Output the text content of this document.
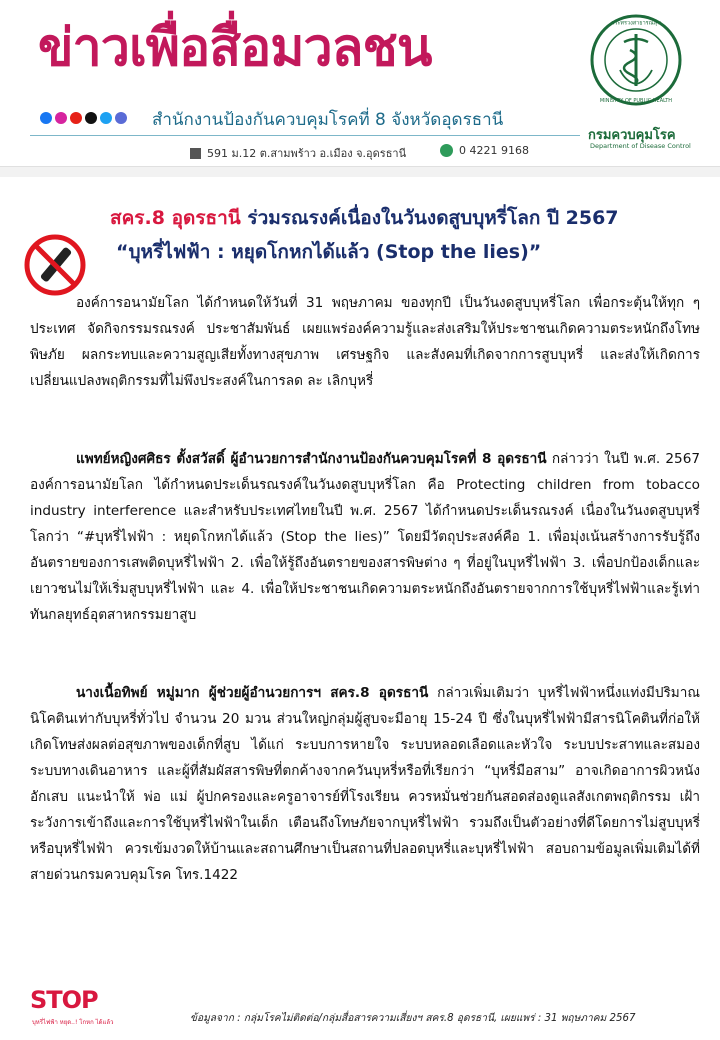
ข่าวเพื่อสื่อมวลชน
สำนักงานป้องกันควบคุมโรคที่ 8 จังหวัดอุดรธานี
591 ม.12 ต.สามพร้าว อ.เมือง จ.อุดรธานี	0 4221 9168
กระทรวงสาธารณสุข
MINISTRY OF PUBLIC HEALTH
กรมควบคุมโรค
Department of Disease Control
สคร.8 อุดรธานี ร่วมรณรงค์เนื่องในวันงดสูบบุหรี่โลก ปี 2567
“บุหรี่ไฟฟ้า : หยุดโกหกได้แล้ว (Stop the lies)”
องค์การอนามัยโลก ได้กำหนดให้วันที่ 31 พฤษภาคม ของทุกปี เป็นวันงดสูบบุหรี่โลก เพื่อกระตุ้นให้ทุก ๆ ประเทศ จัดกิจกรรมรณรงค์ ประชาสัมพันธ์ เผยแพร่องค์ความรู้และส่งเสริมให้ประชาชนเกิดความตระหนักถึงโทษ พิษภัย ผลกระทบและความสูญเสียทั้งทางสุขภาพ เศรษฐกิจ และสังคมที่เกิดจากการสูบบุหรี่ และส่งให้เกิดการเปลี่ยนแปลงพฤติกรรมที่ไม่พึงประสงค์ในการลด ละ เลิกบุหรี่
แพทย์หญิงศศิธร ตั้งสวัสดิ์ ผู้อำนวยการสำนักงานป้องกันควบคุมโรคที่ 8 อุดรธานี กล่าวว่า ในปี พ.ศ. 2567 องค์การอนามัยโลก ได้กำหนดประเด็นรณรงค์ในวันงดสูบบุหรี่โลก คือ Protecting children from tobacco industry interference และสำหรับประเทศไทยในปี พ.ศ. 2567 ได้กำหนดประเด็นรณรงค์ เนื่องในวันงดสูบบุหรี่โลกว่า “#บุหรี่ไฟฟ้า : หยุดโกหกได้แล้ว (Stop the lies)” โดยมีวัตถุประสงค์คือ 1. เพื่อมุ่งเน้นสร้างการรับรู้ถึงอันตรายของการเสพติดบุหรี่ไฟฟ้า 2. เพื่อให้รู้ถึงอันตรายของสารพิษต่าง ๆ ที่อยู่ในบุหรี่ไฟฟ้า 3. เพื่อปกป้องเด็กและเยาวชนไม่ให้เริ่มสูบบุหรี่ไฟฟ้า และ 4. เพื่อให้ประชาชนเกิดความตระหนักถึงอันตรายจากการใช้บุหรี่ไฟฟ้าและรู้เท่าทันกลยุทธ์อุตสาหกรรมยาสูบ
นางเนื้อทิพย์ หมู่มาก ผู้ช่วยผู้อำนวยการฯ สคร.8 อุดรธานี กล่าวเพิ่มเติมว่า บุหรี่ไฟฟ้าหนึ่งแท่งมีปริมาณนิโคตินเท่ากับบุหรี่ทั่วไป จำนวน 20 มวน ส่วนใหญ่กลุ่มผู้สูบจะมีอายุ 15-24 ปี ซึ่งในบุหรี่ไฟฟ้ามีสารนิโคตินที่ก่อให้เกิดโทษส่งผลต่อสุขภาพของเด็กที่สูบ ได้แก่ ระบบการหายใจ ระบบหลอดเลือดและหัวใจ ระบบประสาทและสมอง ระบบทางเดินอาหาร และผู้ที่สัมผัสสารพิษที่ตกค้างจากควันบุหรี่หรือที่เรียกว่า “บุหรี่มือสาม” อาจเกิดอาการผิวหนังอักเสบ แนะนำให้ พ่อ แม่ ผู้ปกครองและครูอาจารย์ที่โรงเรียน ควรหมั่นช่วยกันสอดส่องดูแลสังเกตพฤติกรรม เฝ้าระวังการเข้าถึงและการใช้บุหรี่ไฟฟ้าในเด็ก เตือนถึงโทษภัยจากบุหรี่ไฟฟ้า รวมถึงเป็นตัวอย่างที่ดีโดยการไม่สูบบุหรี่หรือบุหรี่ไฟฟ้า ควรเข้มงวดให้บ้านและสถานศึกษาเป็นสถานที่ปลอดบุหรี่และบุหรี่ไฟฟ้า สอบถามข้อมูลเพิ่มเติมได้ที่ สายด่วนกรมควบคุมโรค โทร.1422
STOP
บุหรี่ไฟฟ้า หยุด..! โกหก ได้แล้ว	ข้อมูลจาก : กลุ่มโรคไม่ติดต่อ/กลุ่มสื่อสารความเสี่ยงฯ สคร.8 อุดรธานี, เผยแพร่ : 31 พฤษภาคม 2567
